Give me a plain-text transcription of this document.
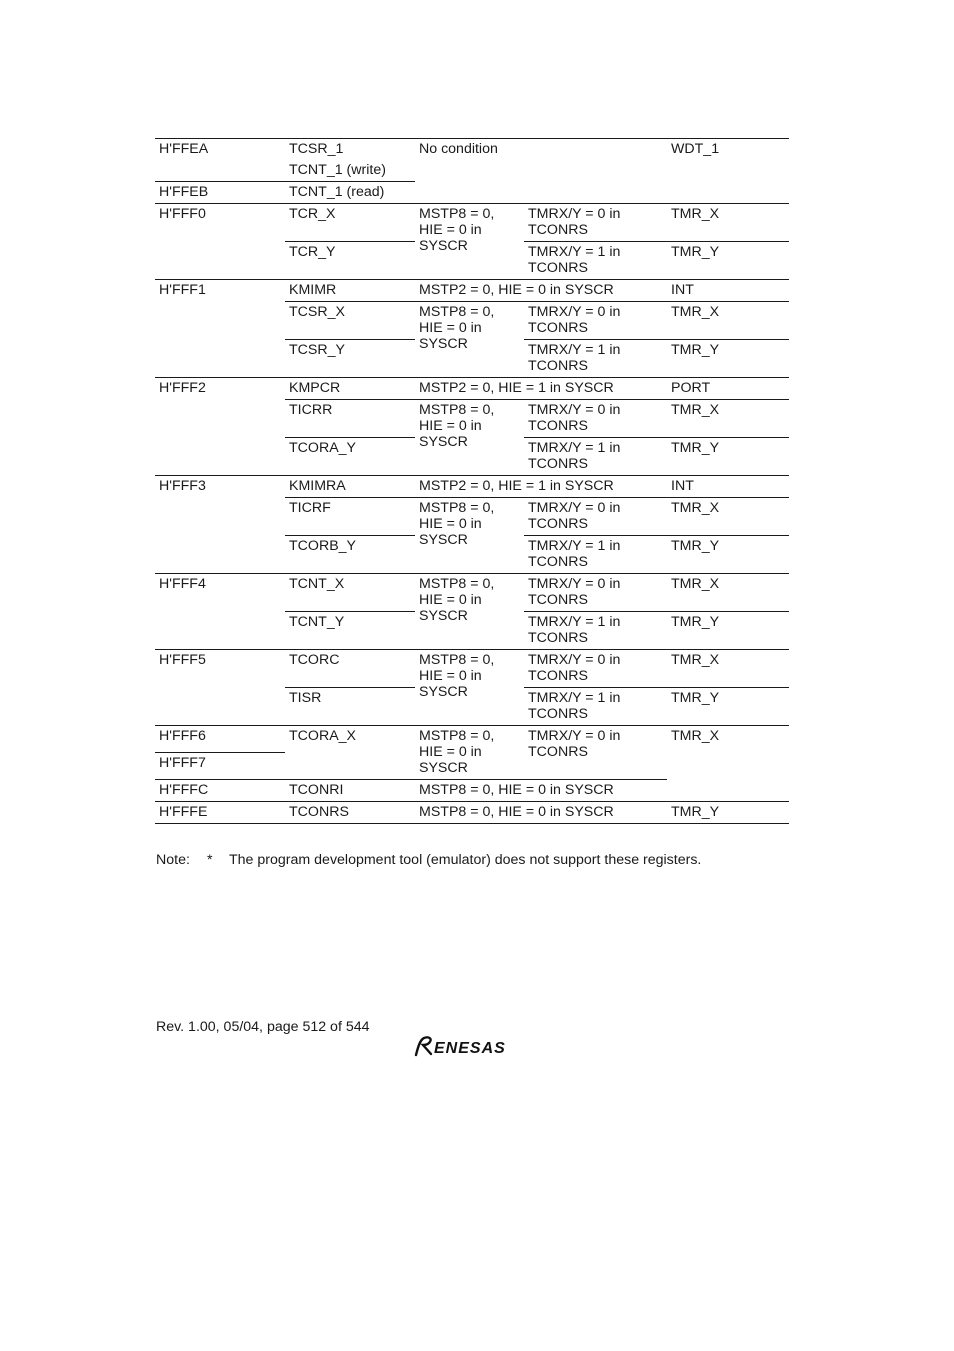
H'FFEA	TCSR_1	No condition		WDT_1
	TCNT_1 (write)			
H'FFEB	TCNT_1 (read)			
H'FFF0	TCR_X	MSTP8 = 0, HIE = 0 in SYSCR	TMRX/Y = 0 in TCONRS	TMR_X
	TCR_Y		TMRX/Y = 1 in TCONRS	TMR_Y
H'FFF1	KMIMR	MSTP2 = 0, HIE = 0 in SYSCR		INT
	TCSR_X	MSTP8 = 0, HIE = 0 in SYSCR	TMRX/Y = 0 in TCONRS	TMR_X
	TCSR_Y		TMRX/Y = 1 in TCONRS	TMR_Y
H'FFF2	KMPCR	MSTP2 = 0, HIE = 1 in SYSCR		PORT
	TICRR	MSTP8 = 0, HIE = 0 in SYSCR	TMRX/Y = 0 in TCONRS	TMR_X
	TCORA_Y		TMRX/Y = 1 in TCONRS	TMR_Y
H'FFF3	KMIMRA	MSTP2 = 0, HIE = 1 in SYSCR		INT
	TICRF	MSTP8 = 0, HIE = 0 in SYSCR	TMRX/Y = 0 in TCONRS	TMR_X
	TCORB_Y		TMRX/Y = 1 in TCONRS	TMR_Y
H'FFF4	TCNT_X	MSTP8 = 0, HIE = 0 in SYSCR	TMRX/Y = 0 in TCONRS	TMR_X
	TCNT_Y		TMRX/Y = 1 in TCONRS	TMR_Y
H'FFF5	TCORC	MSTP8 = 0, HIE = 0 in SYSCR	TMRX/Y = 0 in TCONRS	TMR_X
	TISR		TMRX/Y = 1 in TCONRS	TMR_Y
H'FFF6	TCORA_X	MSTP8 = 0, HIE = 0 in SYSCR	TMRX/Y = 0 in TCONRS	TMR_X
H'FFF7				
H'FFFC	TCONRI	MSTP8 = 0, HIE = 0 in SYSCR		
H'FFFE	TCONRS	MSTP8 = 0, HIE = 0 in SYSCR		TMR_Y
Note: * The program development tool (emulator) does not support these registers.
Rev. 1.00, 05/04, page 512 of 544
ENESAS
